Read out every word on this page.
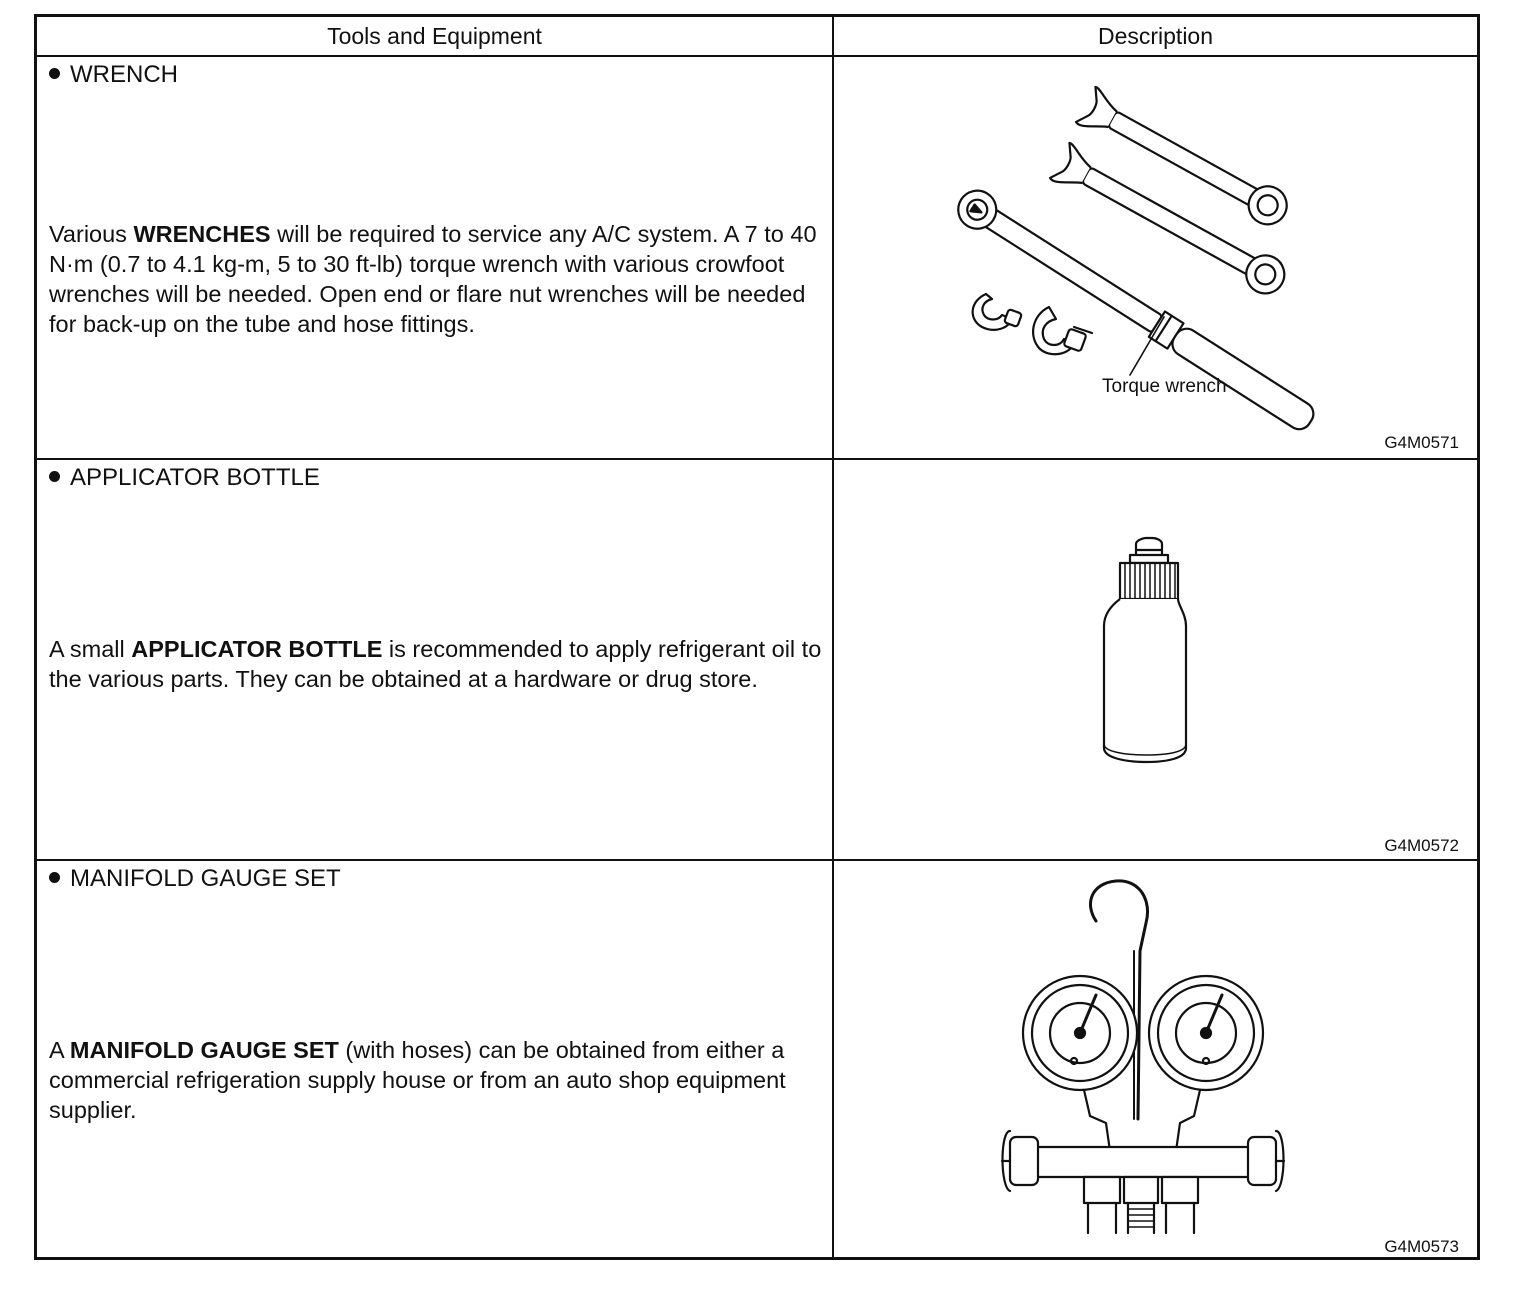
Tools and Equipment	Description
WRENCH
Various WRENCHES will be required to service any A/C system. A 7 to 40 N·m (0.7 to 4.1 kg-m, 5 to 30 ft-lb) torque wrench with various crowfoot wrenches will be needed. Open end or flare nut wrenches will be needed for back-up on the tube and hose fittings.
Torque wrench
G4M0571
APPLICATOR BOTTLE
A small APPLICATOR BOTTLE is recommended to apply refrigerant oil to the various parts. They can be obtained at a hardware or drug store.
G4M0572
MANIFOLD GAUGE SET
A MANIFOLD GAUGE SET (with hoses) can be obtained from either a commercial refrigeration supply house or from an auto shop equipment supplier.
G4M0573
